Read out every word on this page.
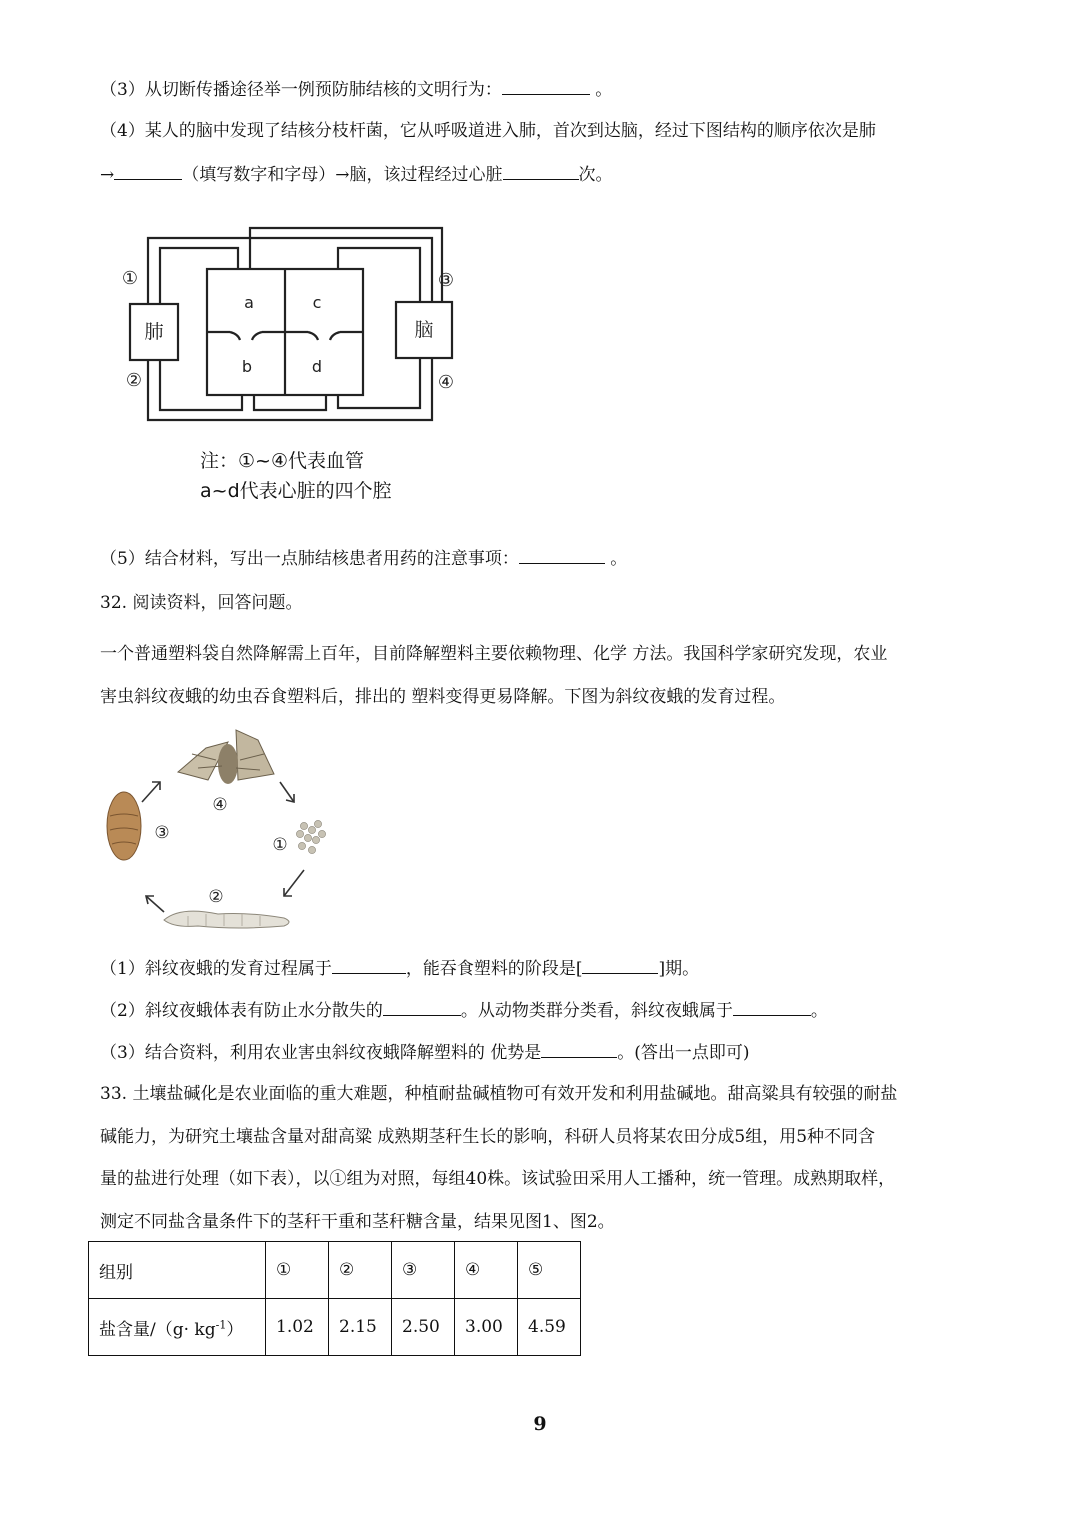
（3）从切断传播途径举一例预防肺结核的文明行为：	。
（4）某人的脑中发现了结核分枝杆菌，它从呼吸道进入肺，首次到达脑，经过下图结构的顺序依次是肺
→	（填写数字和字母）→脑，该过程经过心脏	次。
肺	脑
a	c
b	d
①
②
③
④
注：①~④代表血管
a~d代表心脏的四个腔
（5）结合材料，写出一点肺结核患者用药的注意事项：	。
32. 阅读资料，回答问题。
一个普通塑料袋自然降解需上百年，目前降解塑料主要依赖物理、化学 方法。我国科学家研究发现，农业
害虫斜纹夜蛾的幼虫吞食塑料后，排出的 塑料变得更易降解。下图为斜纹夜蛾的发育过程。
①
②
③
④
（1）斜纹夜蛾的发育过程属于	，能吞食塑料的阶段是[	]期。
（2）斜纹夜蛾体表有防止水分散失的	。从动物类群分类看，斜纹夜蛾属于	。
（3）结合资料，利用农业害虫斜纹夜蛾降解塑料的 优势是	。(答出一点即可)
33. 土壤盐碱化是农业面临的重大难题，种植耐盐碱植物可有效开发和利用盐碱地。甜高粱具有较强的耐盐
碱能力，为研究土壤盐含量对甜高粱 成熟期茎秆生长的影响，科研人员将某农田分成5组，用5种不同含
量的盐进行处理（如下表），以①组为对照，每组40株。该试验田采用人工播种，统一管理。成熟期取样，
测定不同盐含量条件下的茎秆干重和茎秆糖含量，结果见图1、图2。
组别	①	②	③	④	⑤
盐含量$/(g\cdot kg^{-1})$	1.02	2.15	2.50	3.00	4.59
9
